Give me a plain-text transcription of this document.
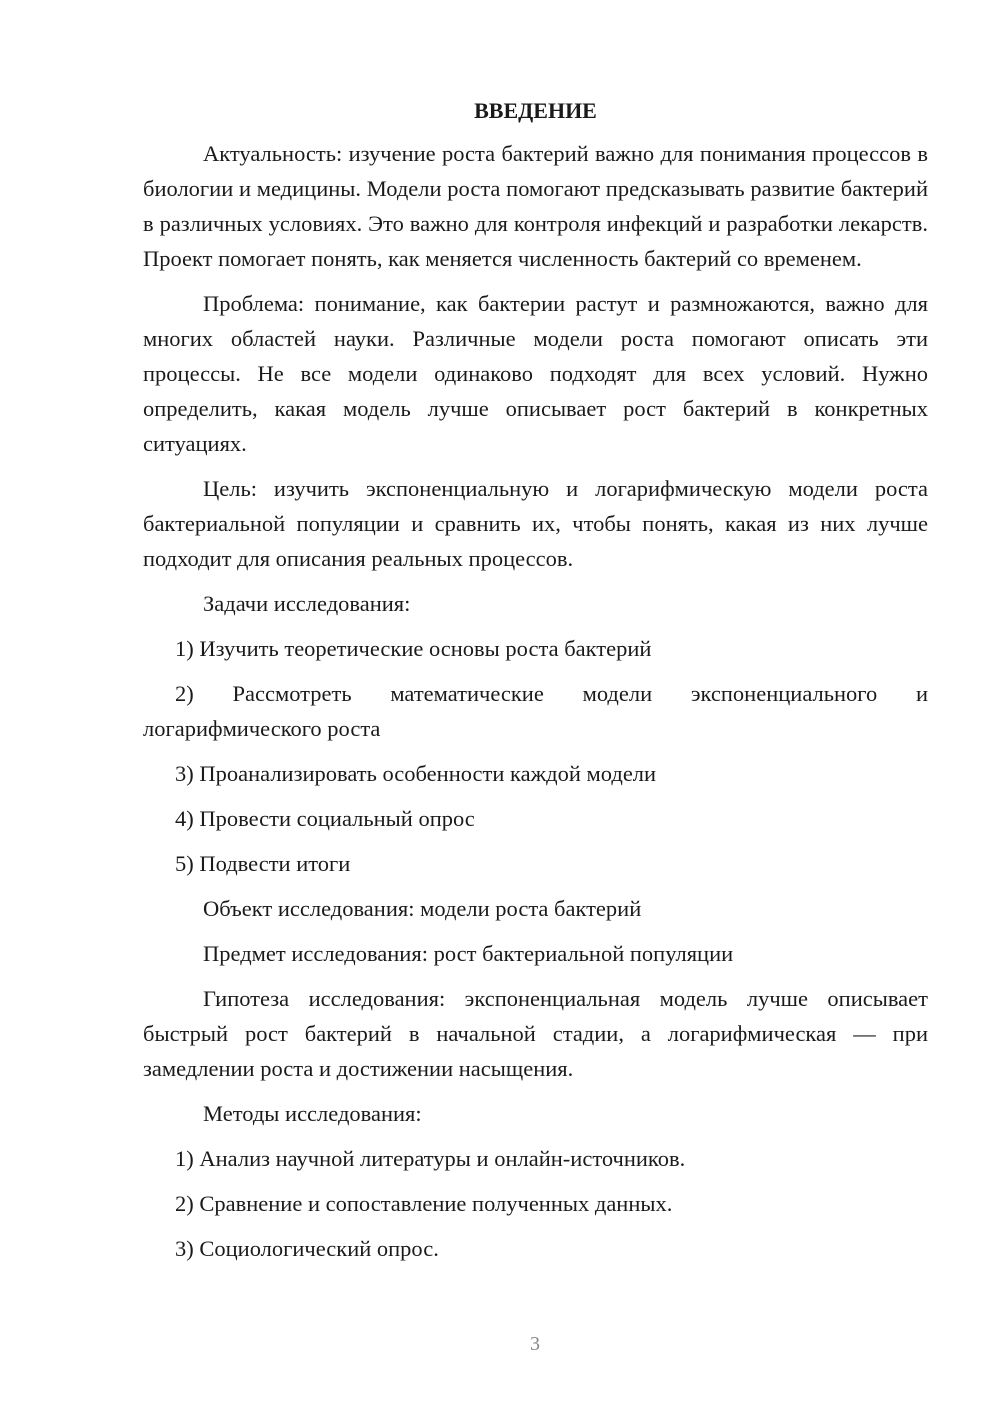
ВВЕДЕНИЕ

Актуальность: изучение роста бактерий важно для понимания процессов в биологии и медицины. Модели роста помогают предсказывать развитие бактерий в различных условиях. Это важно для контроля инфекций и разработки лекарств. Проект помогает понять, как меняется численность бактерий со временем.

Проблема: понимание, как бактерии растут и размножаются, важно для многих областей науки. Различные модели роста помогают описать эти процессы. Не все модели одинаково подходят для всех условий. Нужно определить, какая модель лучше описывает рост бактерий в конкретных ситуациях.

Цель: изучить экспоненциальную и логарифмическую модели роста бактериальной популяции и сравнить их, чтобы понять, какая из них лучше подходит для описания реальных процессов.

Задачи исследования:

1) Изучить теоретические основы роста бактерий

2) Рассмотреть математические модели экспоненциального и логарифмического роста

3) Проанализировать особенности каждой модели

4) Провести социальный опрос

5) Подвести итоги

Объект исследования: модели роста бактерий

Предмет исследования: рост бактериальной популяции

Гипотеза исследования: экспоненциальная модель лучше описывает быстрый рост бактерий в начальной стадии, а логарифмическая — при замедлении роста и достижении насыщения.

Методы исследования:

1) Анализ научной литературы и онлайн-источников.

2) Сравнение и сопоставление полученных данных.

3) Социологический опрос.

3
